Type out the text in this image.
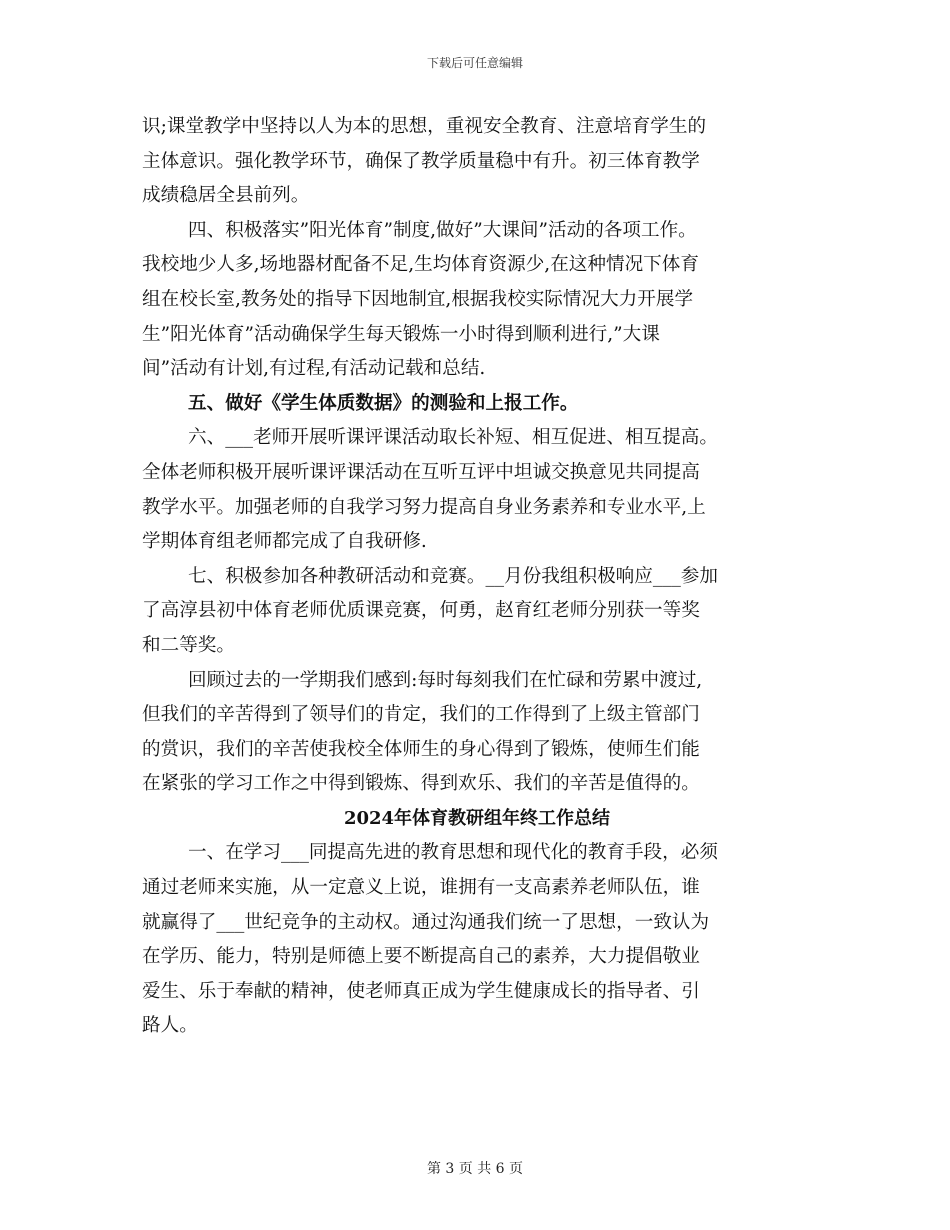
下载后可任意编辑
识;课堂教学中坚持以人为本的思想，重视安全教育、注意培育学生的
主体意识。强化教学环节，确保了教学质量稳中有升。初三体育教学
成绩稳居全县前列。
四、积极落实”阳光体育”制度,做好”大课间”活动的各项工作。
我校地少人多,场地器材配备不足,生均体育资源少,在这种情况下体育
组在校长室,教务处的指导下因地制宜,根据我校实际情况大力开展学
生”阳光体育”活动确保学生每天锻炼一小时得到顺利进行,”大课
间”活动有计划,有过程,有活动记载和总结.
五、做好《学生体质数据》的测验和上报工作。
六、___老师开展听课评课活动取长补短、相互促进、相互提高。
全体老师积极开展听课评课活动在互听互评中坦诚交换意见共同提高
教学水平。加强老师的自我学习努力提高自身业务素养和专业水平,上
学期体育组老师都完成了自我研修.
七、积极参加各种教研活动和竞赛。__月份我组积极响应___参加
了高淳县初中体育老师优质课竞赛，何勇，赵育红老师分别获一等奖
和二等奖。
回顾过去的一学期我们感到:每时每刻我们在忙碌和劳累中渡过,
但我们的辛苦得到了领导们的肯定，我们的工作得到了上级主管部门
的赏识，我们的辛苦使我校全体师生的身心得到了锻炼，使师生们能
在紧张的学习工作之中得到锻炼、得到欢乐、我们的辛苦是值得的。
2024年体育教研组年终工作总结
一、在学习___同提高先进的教育思想和现代化的教育手段，必须
通过老师来实施，从一定意义上说，谁拥有一支高素养老师队伍，谁
就赢得了___世纪竞争的主动权。通过沟通我们统一了思想，一致认为
在学历、能力，特别是师德上要不断提高自己的素养，大力提倡敬业
爱生、乐于奉献的精神，使老师真正成为学生健康成长的指导者、引
路人。
第 3 页 共 6 页
